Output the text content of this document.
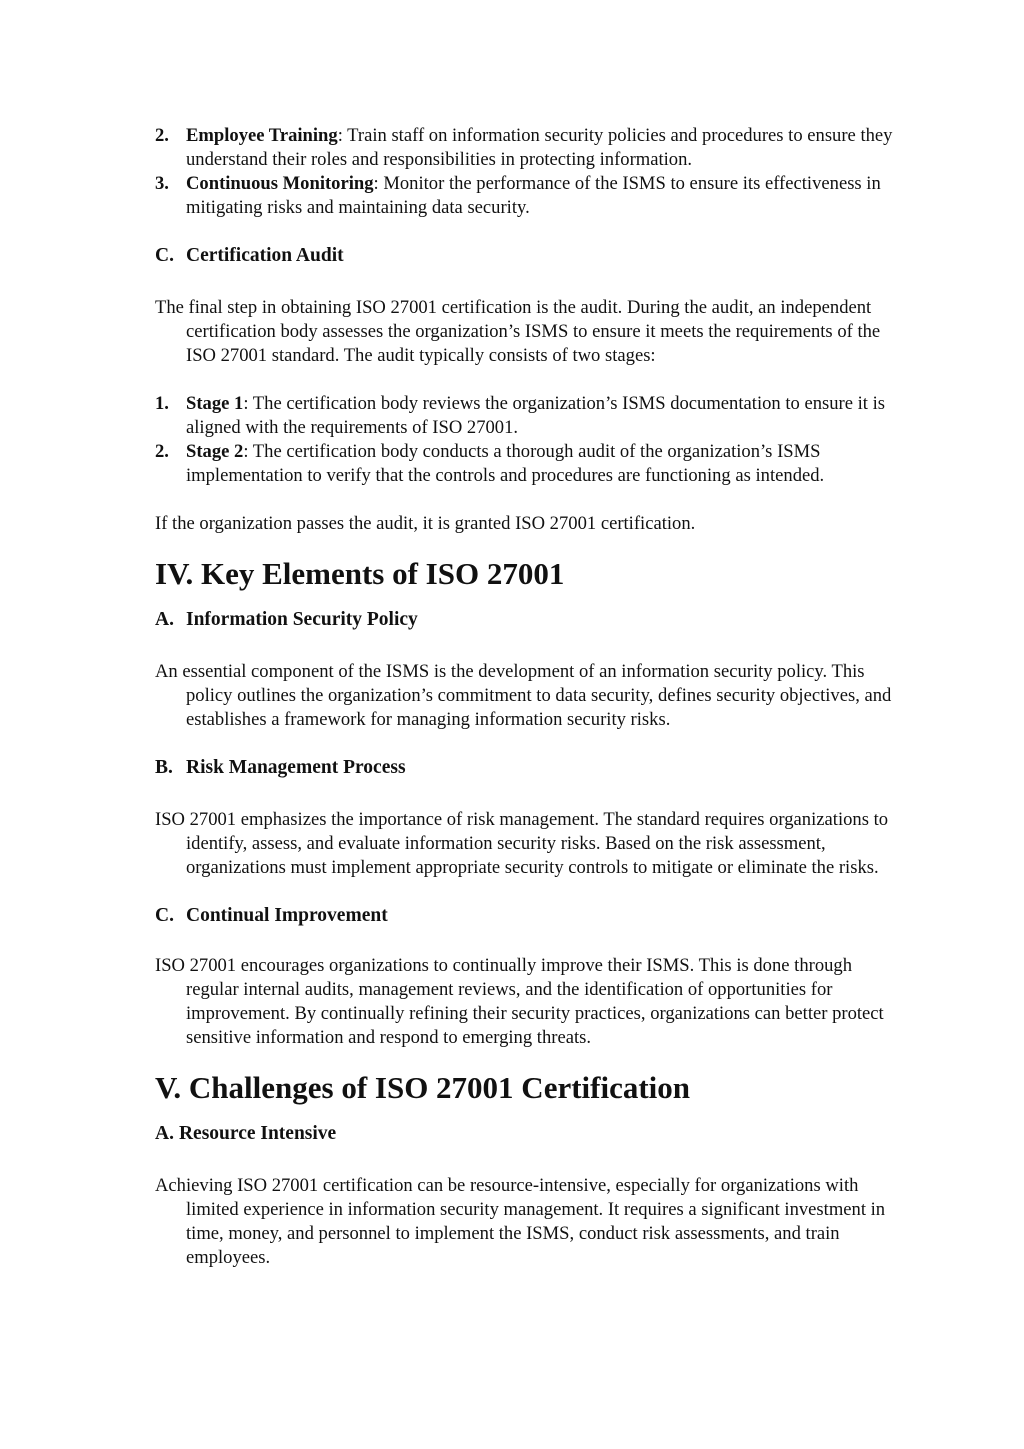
2. Employee Training: Train staff on information security policies and procedures to ensure they understand their roles and responsibilities in protecting information.
3. Continuous Monitoring: Monitor the performance of the ISMS to ensure its effectiveness in mitigating risks and maintaining data security.
C. Certification Audit

The final step in obtaining ISO 27001 certification is the audit. During the audit, an independent certification body assesses the organization’s ISMS to ensure it meets the requirements of the ISO 27001 standard. The audit typically consists of two stages:

1. Stage 1: The certification body reviews the organization’s ISMS documentation to ensure it is aligned with the requirements of ISO 27001.
2. Stage 2: The certification body conducts a thorough audit of the organization’s ISMS implementation to verify that the controls and procedures are functioning as intended.

If the organization passes the audit, it is granted ISO 27001 certification.

IV. Key Elements of ISO 27001
A. Information Security Policy

An essential component of the ISMS is the development of an information security policy. This policy outlines the organization’s commitment to data security, defines security objectives, and establishes a framework for managing information security risks.

B. Risk Management Process

ISO 27001 emphasizes the importance of risk management. The standard requires organizations to identify, assess, and evaluate information security risks. Based on the risk assessment, organizations must implement appropriate security controls to mitigate or eliminate the risks.

C. Continual Improvement

ISO 27001 encourages organizations to continually improve their ISMS. This is done through regular internal audits, management reviews, and the identification of opportunities for improvement. By continually refining their security practices, organizations can better protect sensitive information and respond to emerging threats.

V. Challenges of ISO 27001 Certification
A. Resource Intensive

Achieving ISO 27001 certification can be resource-intensive, especially for organizations with limited experience in information security management. It requires a significant investment in time, money, and personnel to implement the ISMS, conduct risk assessments, and train employees.
